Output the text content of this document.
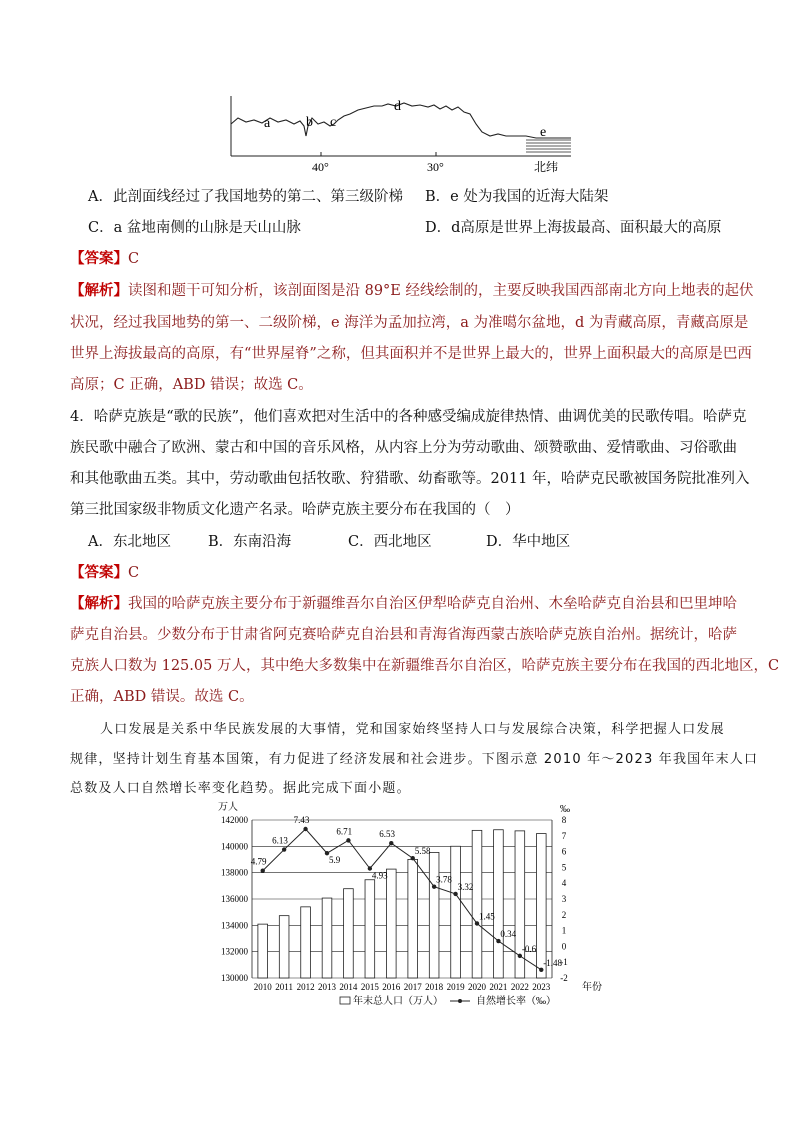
a	b c
d
e
40°	30°	北纬
A．此剖面线经过了我国地势的第二、第三级阶梯 B．e 处为我国的近海大陆架
C．a 盆地南侧的山脉是天山山脉	D．d高原是世界上海拔最高、面积最大的高原
【答案】C
【解析】读图和题干可知分析，该剖面图是沿 89°E 经线绘制的，主要反映我国西部南北方向上地表的起伏
状况，经过我国地势的第一、二级阶梯，e 海洋为孟加拉湾，a 为准噶尔盆地，d 为青藏高原，青藏高原是
世界上海拔最高的高原，有“世界屋脊”之称，但其面积并不是世界上最大的，世界上面积最大的高原是巴西
高原；C 正确，ABD 错误；故选 C。
4．哈萨克族是“歌的民族”，他们喜欢把对生活中的各种感受编成旋律热情、曲调优美的民歌传唱。哈萨克
族民歌中融合了欧洲、蒙古和中国的音乐风格，从内容上分为劳动歌曲、颂赞歌曲、爱情歌曲、习俗歌曲
和其他歌曲五类。其中，劳动歌曲包括牧歌、狩猎歌、幼畜歌等。2011 年，哈萨克民歌被国务院批准列入
第三批国家级非物质文化遗产名录。哈萨克族主要分布在我国的（　）
A．东北地区	B．东南沿海	C．西北地区	D．华中地区
【答案】C
【解析】我国的哈萨克族主要分布于新疆维吾尔自治区伊犁哈萨克自治州、木垒哈萨克自治县和巴里坤哈
萨克自治县。少数分布于甘肃省阿克赛哈萨克自治县和青海省海西蒙古族哈萨克族自治州。据统计，哈萨
克族人口数为 125.05 万人，其中绝大多数集中在新疆维吾尔自治区，哈萨克族主要分布在我国的西北地区，C
正确，ABD 错误。故选 C。
人口发展是关系中华民族发展的大事情，党和国家始终坚持人口与发展综合决策，科学把握人口发展
规律，坚持计划生育基本国策，有力促进了经济发展和社会进步。下图示意 2010 年～2023 年我国年末人口
总数及人口自然增长率变化趋势。据此完成下面小题。
万人	‰
142000
140000
138000
136000
134000
132000
130000
8
7
6
5
4
3
2
1
0
-1
-2
2010 2011 2012 2013 2014 2015 2016 2017 2018 2019 2020 2021 2022 2023
4.79
6.13
7.43
5.9
6.71
4.93
6.53
5.58
3.78
3.32
1.45
0.34
-0.6
-1.48
年份
年末总人口（万人）	自然增长率（‰）
